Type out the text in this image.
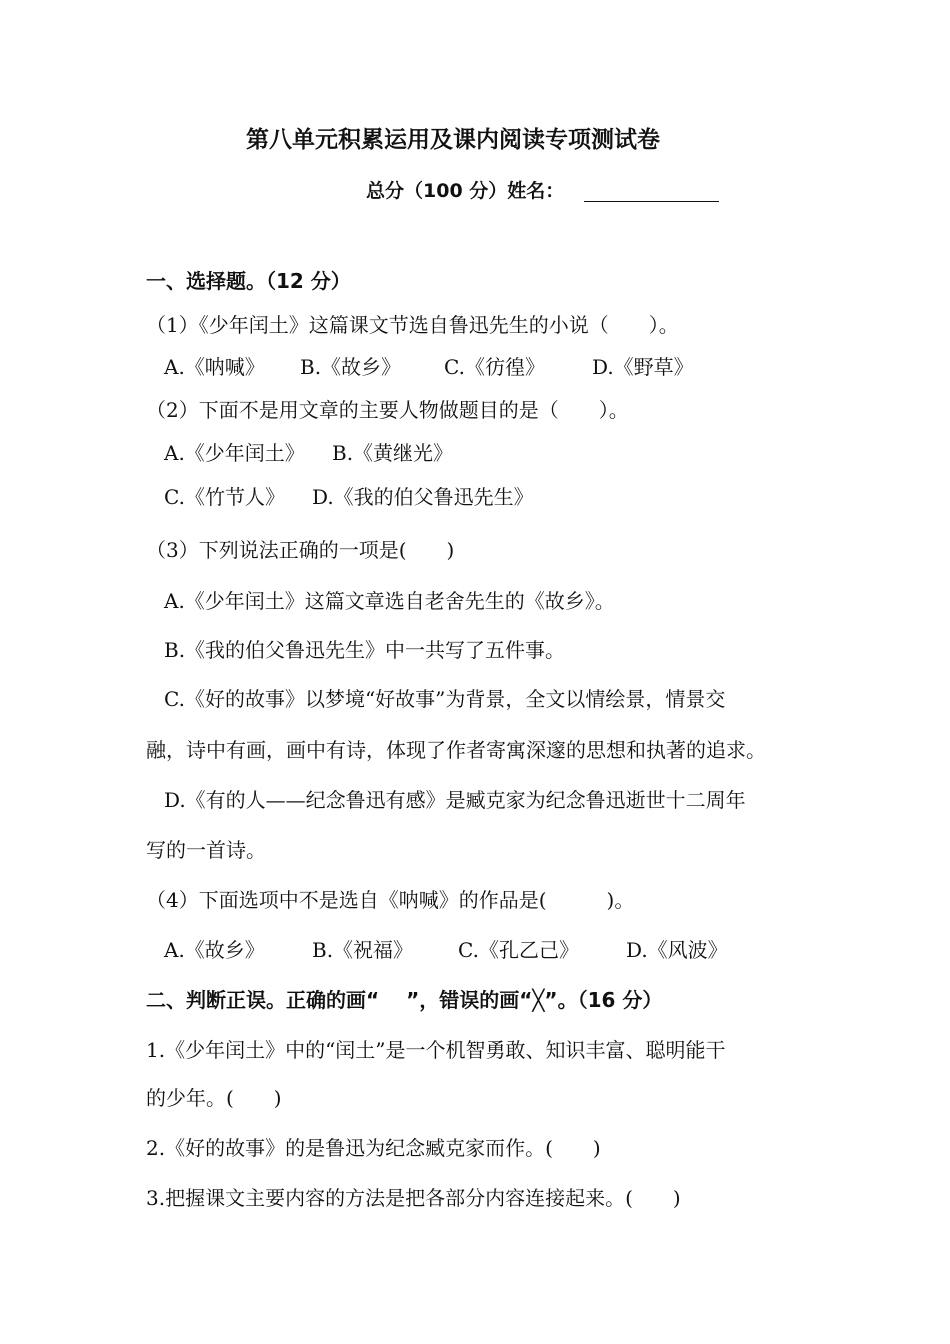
第八单元积累运用及课内阅读专项测试卷
总分（100 分）姓名：
一、选择题。（12 分）
（1）《少年闰土》这篇课文节选自鲁迅先生的小说（　　）。
A.《呐喊》 B.《故乡》 C.《彷徨》 D.《野草》
（2）下面不是用文章的主要人物做题目的是（　　）。
A.《少年闰土》 B.《黄继光》
C.《竹节人》 D.《我的伯父鲁迅先生》
（3）下列说法正确的一项是(　　)
A.《少年闰土》这篇文章选自老舍先生的《故乡》。
B.《我的伯父鲁迅先生》中一共写了五件事。
C.《好的故事》以梦境“好故事”为背景，全文以情绘景，情景交
融，诗中有画，画中有诗，体现了作者寄寓深邃的思想和执著的追求。
D.《有的人——纪念鲁迅有感》是臧克家为纪念鲁迅逝世十二周年
写的一首诗。
（4）下面选项中不是选自《呐喊》的作品是(　　　)。
A.《故乡》 B.《祝福》 C.《孔乙己》 D.《风波》
二、判断正误。正确的画“　 ”，错误的画“╳”。（16 分）
1.《少年闰土》中的“闰土”是一个机智勇敢、知识丰富、聪明能干
的少年。(　　)
2.《好的故事》的是鲁迅为纪念臧克家而作。(　　)
3.把握课文主要内容的方法是把各部分内容连接起来。(　　)
